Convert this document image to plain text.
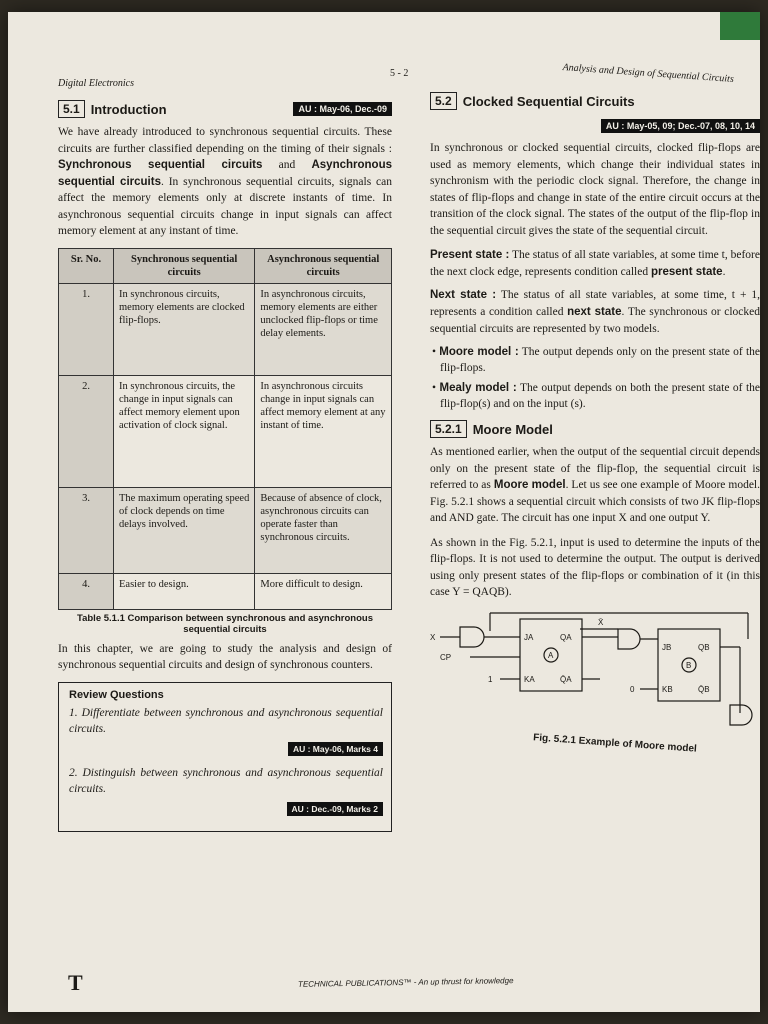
Digital Electronics
5 - 2	Analysis and Design of Sequential Circuits
5.1 Introduction	AU : May-06, Dec.-09

We have already introduced to synchronous sequential circuits. These circuits are further classified depending on the timing of their signals : Synchronous sequential circuits and Asynchronous sequential circuits. In synchronous sequential circuits, signals can affect the memory elements only at discrete instants of time. In asynchronous sequential circuits change in input signals can affect memory element at any instant of time.

Sr. No.	Synchronous sequential circuits	Asynchronous sequential circuits
1.	In synchronous circuits, memory elements are clocked flip-flops.	In asynchronous circuits, memory elements are either unclocked flip-flops or time delay elements.
2.	In synchronous circuits, the change in input signals can affect memory element upon activation of clock signal.	In asynchronous circuits change in input signals can affect memory element at any instant of time.
3.	The maximum operating speed of clock depends on time delays involved.	Because of absence of clock, asynchronous circuits can operate faster than synchronous circuits.
4.	Easier to design.	More difficult to design.
Table 5.1.1 Comparison between synchronous and asynchronous sequential circuits

In this chapter, we are going to study the analysis and design of synchronous sequential circuits and design of synchronous counters.

Review Questions

1. Differentiate between synchronous and asynchronous sequential circuits.

AU : May-06, Marks 4

2. Distinguish between synchronous and asynchronous sequential circuits.

AU : Dec.-09, Marks 2
5.2 Clocked Sequential Circuits
AU : May-05, 09; Dec.-07, 08, 10, 14

In synchronous or clocked sequential circuits, clocked flip-flops are used as memory elements, which change their individual states in synchronism with the periodic clock signal. Therefore, the change in states of flip-flops and change in state of the entire circuit occurs at the transition of the clock signal. The states of the output of the flip-flop in the sequential circuit gives the state of the sequential circuit.

Present state : The status of all state variables, at some time t, before the next clock edge, represents condition called present state.

Next state : The status of all state variables, at some time, t + 1, represents a condition called next state. The synchronous or clocked sequential circuits are represented by two models.

• Moore model : The output depends only on the present state of the flip-flops.

• Mealy model : The output depends on both the present state of the flip-flop(s) and on the input (s).

5.2.1 Moore Model

As mentioned earlier, when the output of the sequential circuit depends only on the present state of the flip-flop, the sequential circuit is referred to as Moore model. Let us see one example of Moore model. Fig. 5.2.1 shows a sequential circuit which consists of two JK flip-flops and AND gate. The circuit has one input X and one output Y.

As shown in the Fig. 5.2.1, input is used to determine the inputs of the flip-flops. It is not used to determine the output. The output is derived using only present states of the flip-flops or combination of it (in this case Y = QAQB).

X
CP
1
JA
KA
QA
Q̄A
A
X̄
JB
KB
QB
Q̄B
B
0
Fig. 5.2.1 Example of Moore model
T	TECHNICAL PUBLICATIONS™ - An up thrust for knowledge
